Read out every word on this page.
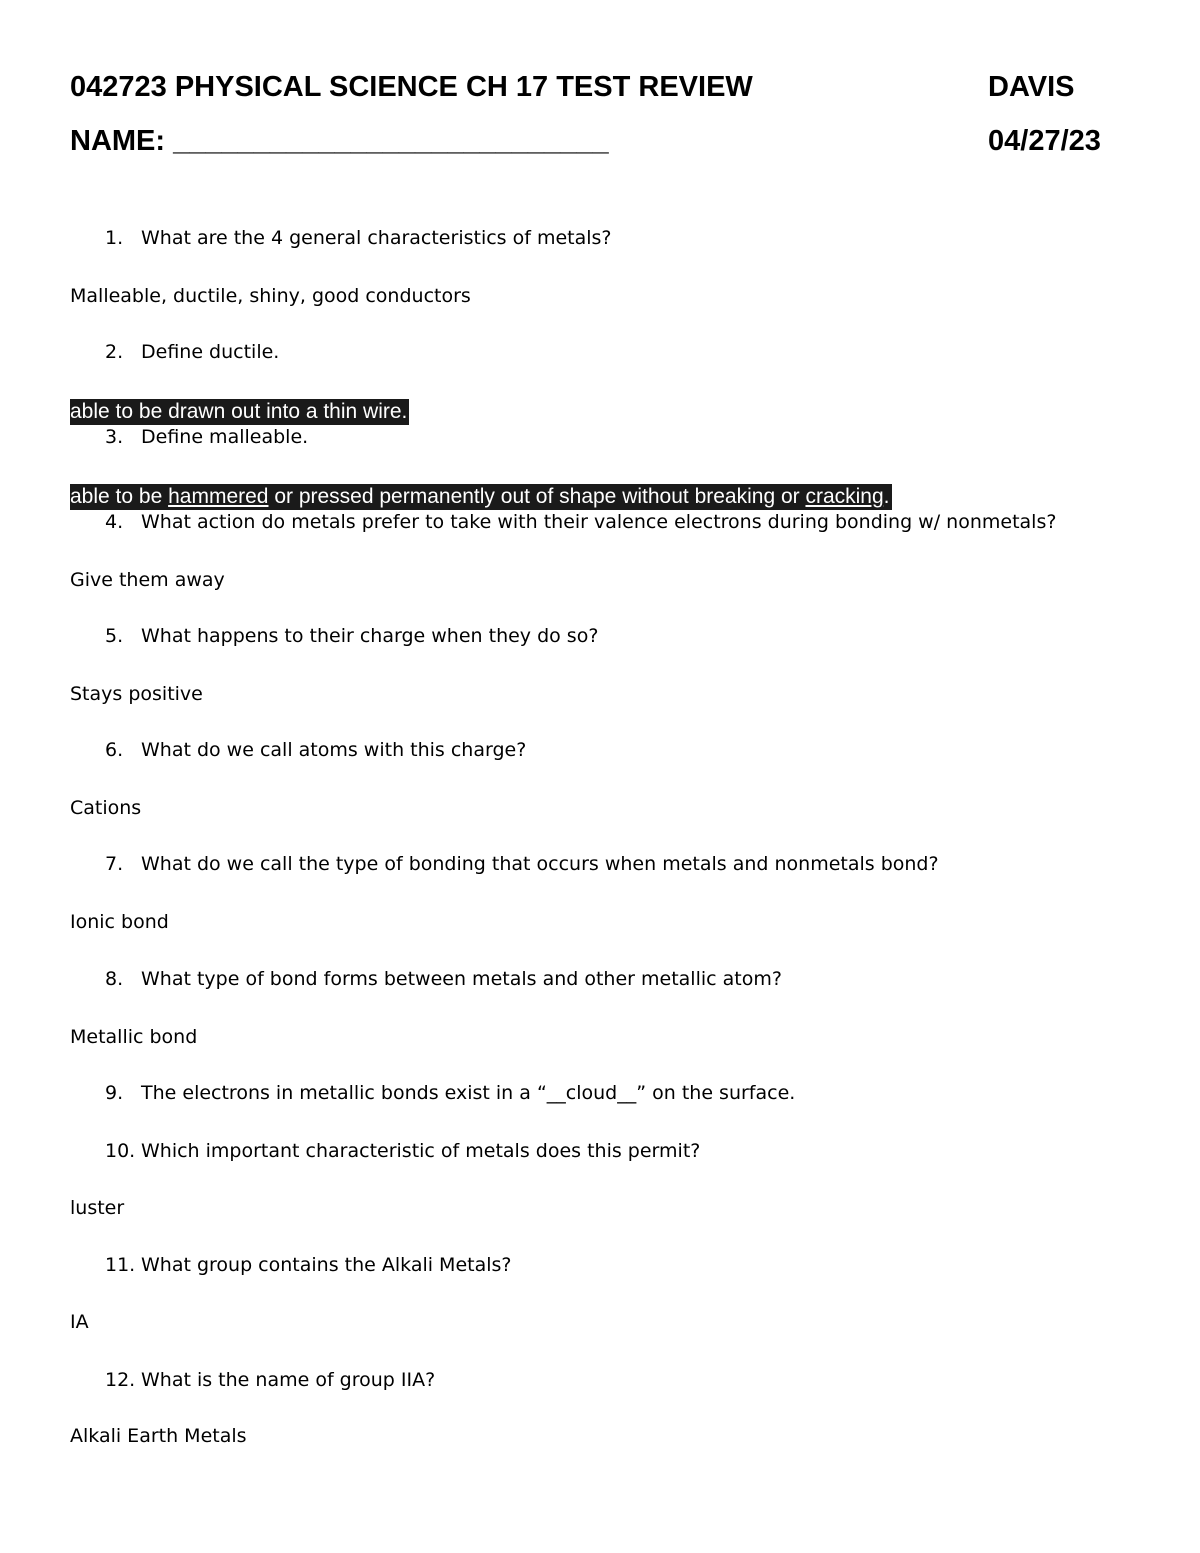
042723 PHYSICAL SCIENCE CH 17 TEST REVIEW	DAVIS
NAME: ___________________________	04/27/23
1. What are the 4 general characteristics of metals?
Malleable, ductile, shiny, good conductors
2. Define ductile.
able to be drawn out into a thin wire.
3. Define malleable.
able to be hammered or pressed permanently out of shape without breaking or cracking.
4. What action do metals prefer to take with their valence electrons during bonding w/ nonmetals?
Give them away
5. What happens to their charge when they do so?
Stays positive
6. What do we call atoms with this charge?
Cations
7. What do we call the type of bonding that occurs when metals and nonmetals bond?
Ionic bond
8. What type of bond forms between metals and other metallic atom?
Metallic bond
9. The electrons in metallic bonds exist in a “__cloud__” on the surface.
10. Which important characteristic of metals does this permit?
luster
11. What group contains the Alkali Metals?
IA
12. What is the name of group IIA?
Alkali Earth Metals
